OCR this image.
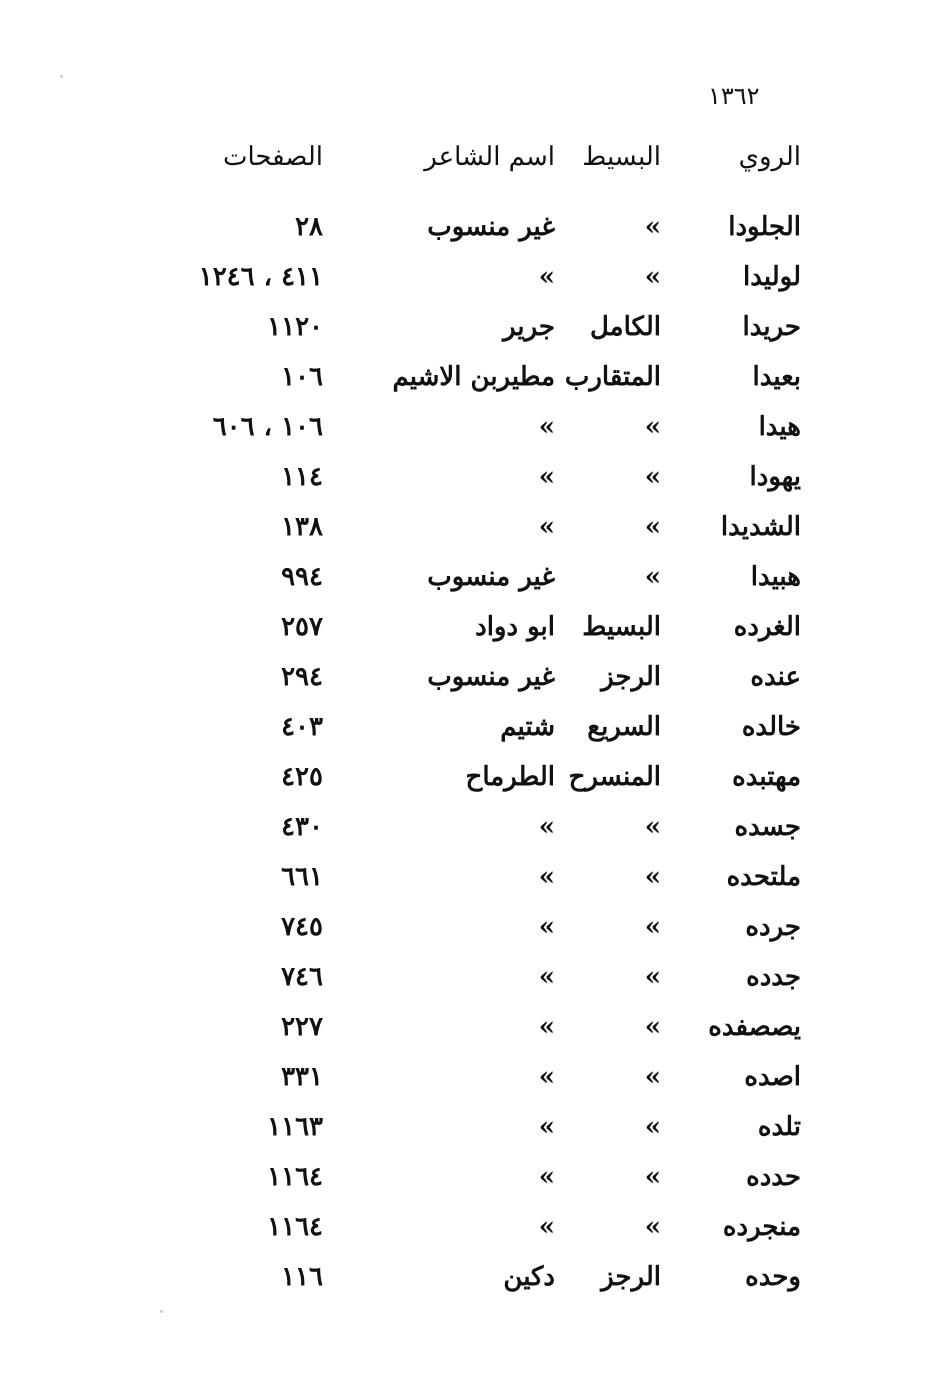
١٣٦٢
الروي
البسيط
اسم الشاعر
الصفحات
الجلودا
»
غير منسوب
٢٨
لوليدا
»
»
٤١١ ، ١٢٤٦
حريدا
الكامل
جرير
١١٢٠
بعيدا
المتقارب
مطيربن الاشيم
١٠٦
هيدا
»
»
١٠٦ ، ٦٠٦
يهودا
»
»
١١٤
الشديدا
»
»
١٣٨
هبيدا
»
غير منسوب
٩٩٤
الغرده
البسيط
ابو دواد
٢٥٧
عنده
الرجز
غير منسوب
٢٩٤
خالده
السريع
شتيم
٤٠٣
مهتبده
المنسرح
الطرماح
٤٢٥
جسده
»
»
٤٣٠
ملتحده
»
»
٦٦١
جرده
»
»
٧٤٥
جدده
»
»
٧٤٦
يصصفده
»
»
٢٢٧
اصده
»
»
٣٣١
تلده
»
»
١١٦٣
حدده
»
»
١١٦٤
منجرده
»
»
١١٦٤
وحده
الرجز
دكين
١١٦
